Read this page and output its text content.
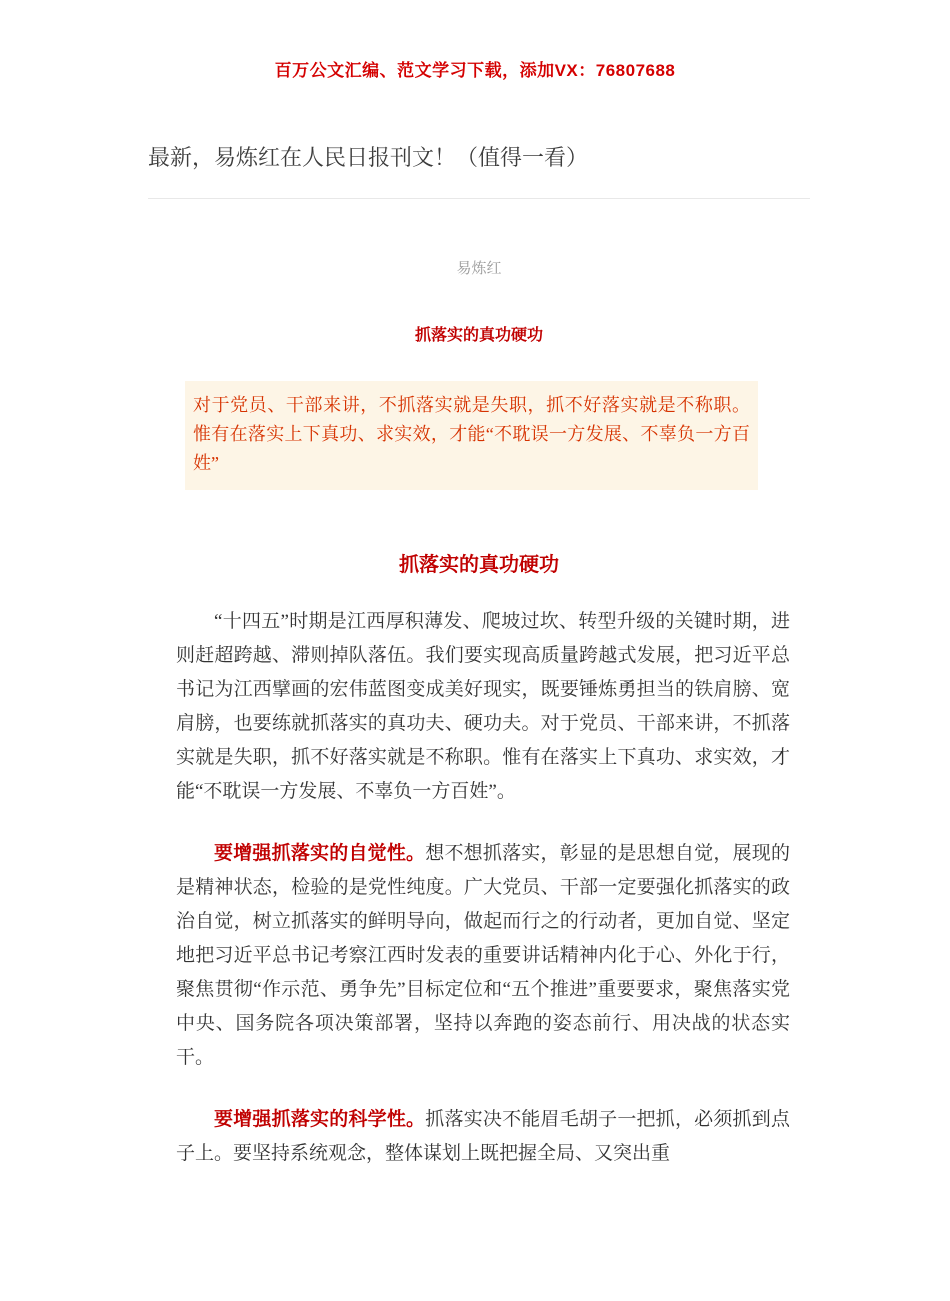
百万公文汇编、范文学习下载，添加VX：76807688
最新，易炼红在人民日报刊文！（值得一看）
易炼红
抓落实的真功硬功
对于党员、干部来讲，不抓落实就是失职，抓不好落实就是不称职。惟有在落实上下真功、求实效，才能“不耽误一方发展、不辜负一方百姓”
抓落实的真功硬功

“十四五”时期是江西厚积薄发、爬坡过坎、转型升级的关键时期，进则赶超跨越、滞则掉队落伍。我们要实现高质量跨越式发展，把习近平总书记为江西擘画的宏伟蓝图变成美好现实，既要锤炼勇担当的铁肩膀、宽肩膀，也要练就抓落实的真功夫、硬功夫。对于党员、干部来讲，不抓落实就是失职，抓不好落实就是不称职。惟有在落实上下真功、求实效，才能“不耽误一方发展、不辜负一方百姓”。

要增强抓落实的自觉性。想不想抓落实，彰显的是思想自觉，展现的是精神状态，检验的是党性纯度。广大党员、干部一定要强化抓落实的政治自觉，树立抓落实的鲜明导向，做起而行之的行动者，更加自觉、坚定地把习近平总书记考察江西时发表的重要讲话精神内化于心、外化于行，聚焦贯彻“作示范、勇争先”目标定位和“五个推进”重要要求，聚焦落实党中央、国务院各项决策部署，坚持以奔跑的姿态前行、用决战的状态实干。

要增强抓落实的科学性。抓落实决不能眉毛胡子一把抓，必须抓到点子上。要坚持系统观念，整体谋划上既把握全局、又突出重
